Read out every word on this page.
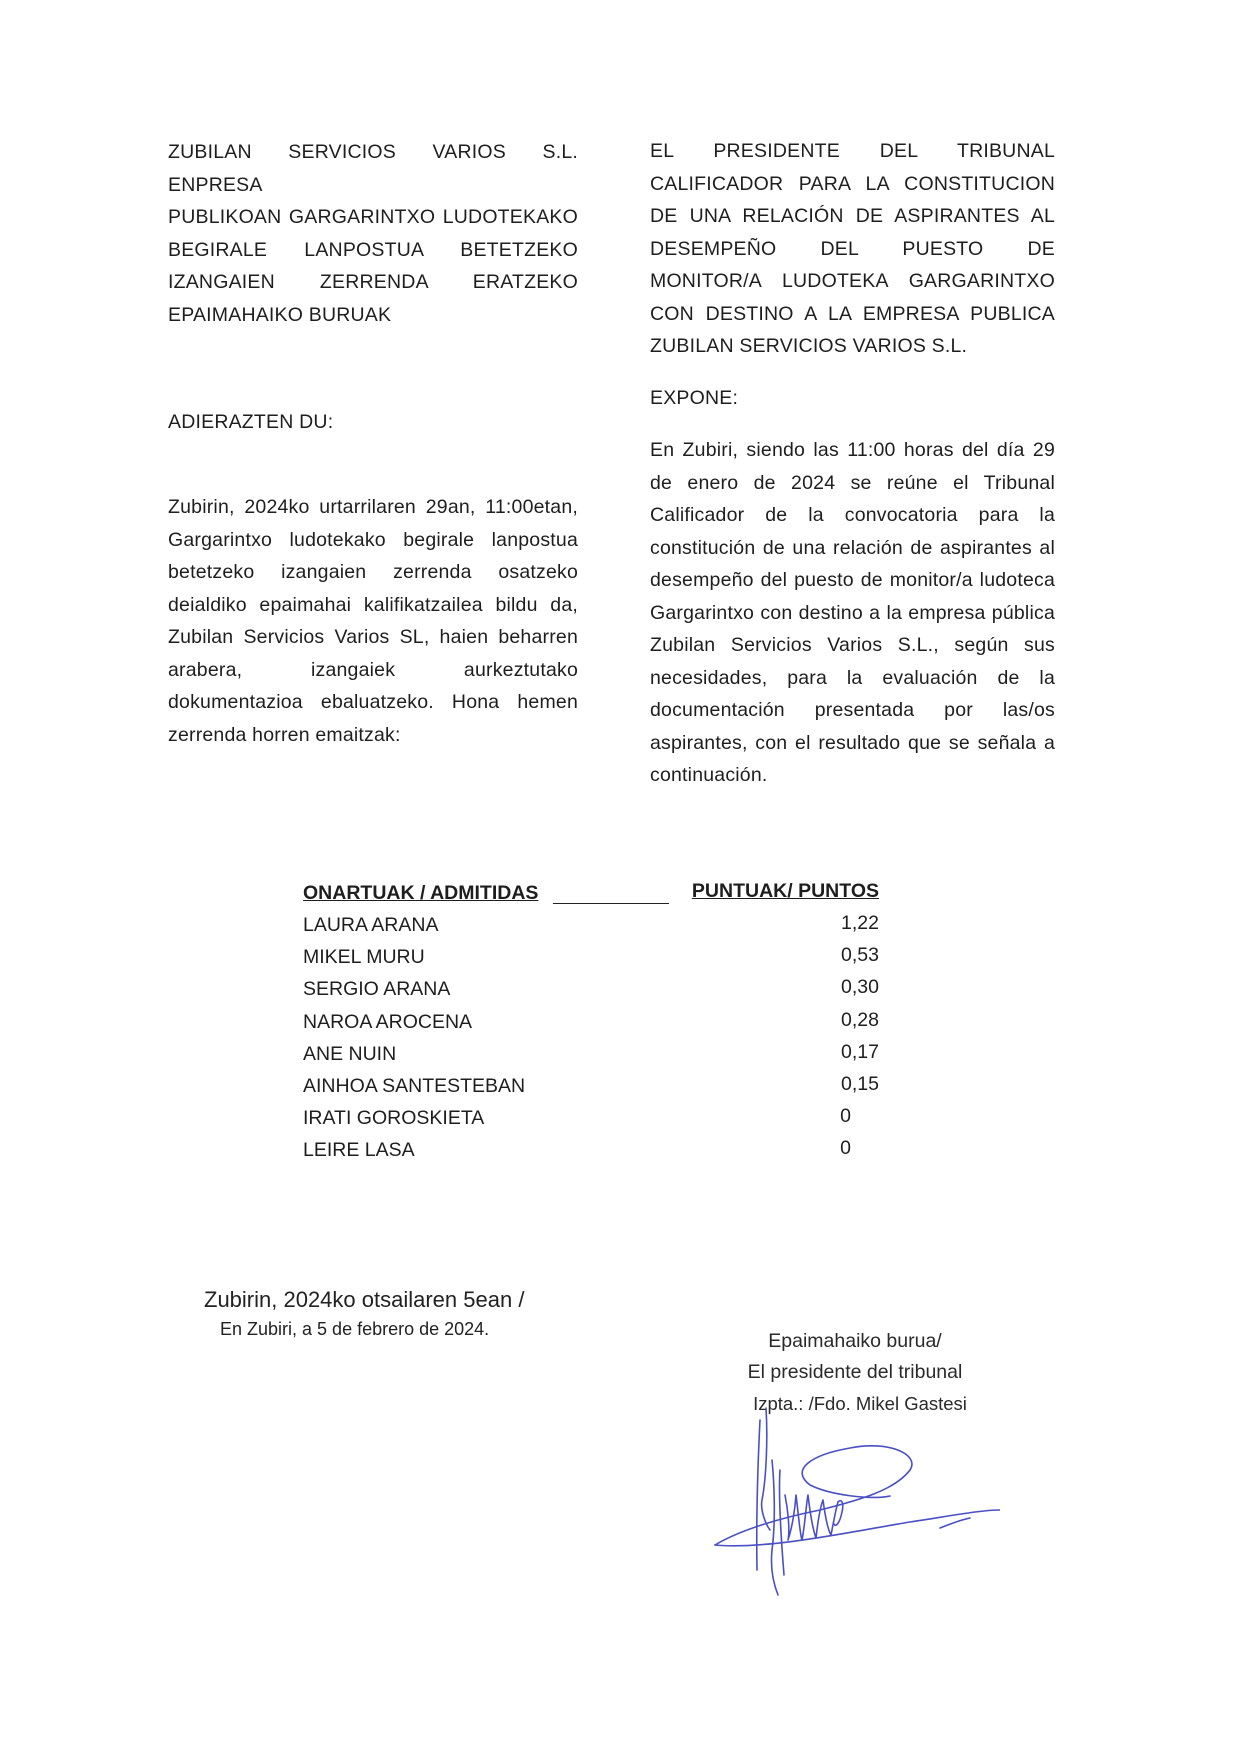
ZUBILAN SERVICIOS VARIOS S.L. ENPRESA

PUBLIKOAN GARGARINTXO LUDOTEKAKO

BEGIRALE LANPOSTUA BETETZEKO

IZANGAIEN ZERRENDA ERATZEKO

EPAIMAHAIKO BURUAK

EL PRESIDENTE DEL TRIBUNAL CALIFICADOR PARA LA CONSTITUCION DE UNA RELACIÓN DE ASPIRANTES AL DESEMPEÑO DEL PUESTO DE MONITOR/A LUDOTEKA GARGARINTXO CON DESTINO A LA EMPRESA PUBLICA ZUBILAN SERVICIOS VARIOS S.L.
ADIERAZTEN DU:
EXPONE:
Zubirin, 2024ko urtarrilaren 29an, 11:00etan, Gargarintxo ludotekako begirale lanpostua betetzeko izangaien zerrenda osatzeko deialdiko epaimahai kalifikatzailea bildu da, Zubilan Servicios Varios SL, haien beharren arabera, izangaiek aurkeztutako dokumentazioa ebaluatzeko. Hona hemen zerrenda horren emaitzak:
En Zubiri, siendo las 11:00 horas del día 29 de enero de 2024 se reúne el Tribunal Calificador de la convocatoria para la constitución de una relación de aspirantes al desempeño del puesto de monitor/a ludoteca Gargarintxo con destino a la empresa pública Zubilan Servicios Varios S.L., según sus necesidades, para la evaluación de la documentación presentada por las/os aspirantes, con el resultado que se señala a continuación.
ONARTUAK / ADMITIDAS	PUNTUAK/ PUNTOS
LAURA ARANA	1,22
MIKEL MURU	0,53
SERGIO ARANA	0,30
NAROA AROCENA	0,28
ANE NUIN	0,17
AINHOA SANTESTEBAN	0,15
IRATI GOROSKIETA	0
LEIRE LASA	0
Zubirin, 2024ko otsailaren 5ean /
En Zubiri, a 5 de febrero de 2024.
Epaimahaiko burua/
El presidente del tribunal
Izpta.: /Fdo. Mikel Gastesi
